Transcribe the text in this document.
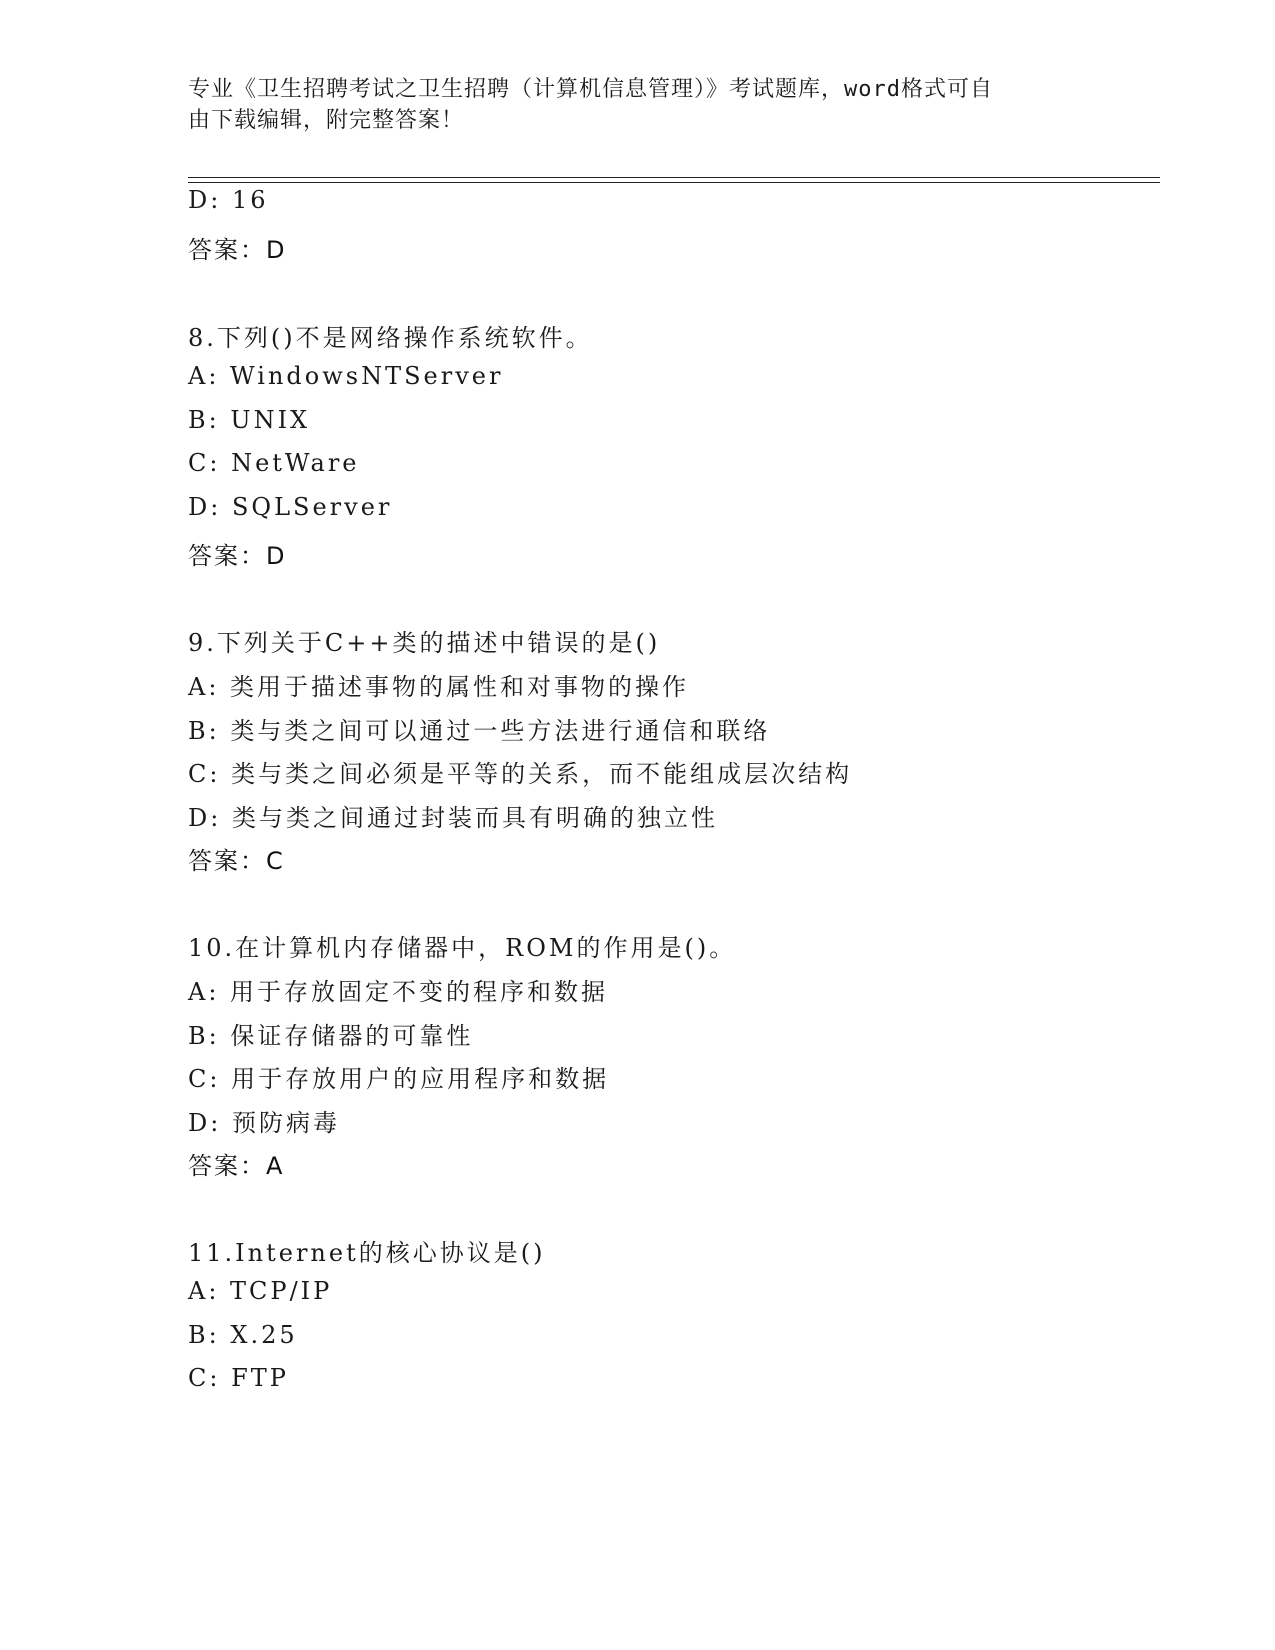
专业《卫生招聘考试之卫生招聘（计算机信息管理）》考试题库，word格式可自
由下载编辑，附完整答案！
D: 16
答案：D
8.下列()不是网络操作系统软件。
A: WindowsNTServer
B: UNIX
C: NetWare
D: SQLServer
答案：D
9.下列关于C++类的描述中错误的是()
A: 类用于描述事物的属性和对事物的操作
B: 类与类之间可以通过一些方法进行通信和联络
C: 类与类之间必须是平等的关系，而不能组成层次结构
D: 类与类之间通过封装而具有明确的独立性
答案：C
10.在计算机内存储器中，ROM的作用是()。
A: 用于存放固定不变的程序和数据
B: 保证存储器的可靠性
C: 用于存放用户的应用程序和数据
D: 预防病毒
答案：A
11.Internet的核心协议是()
A: TCP/IP
B: X.25
C: FTP
